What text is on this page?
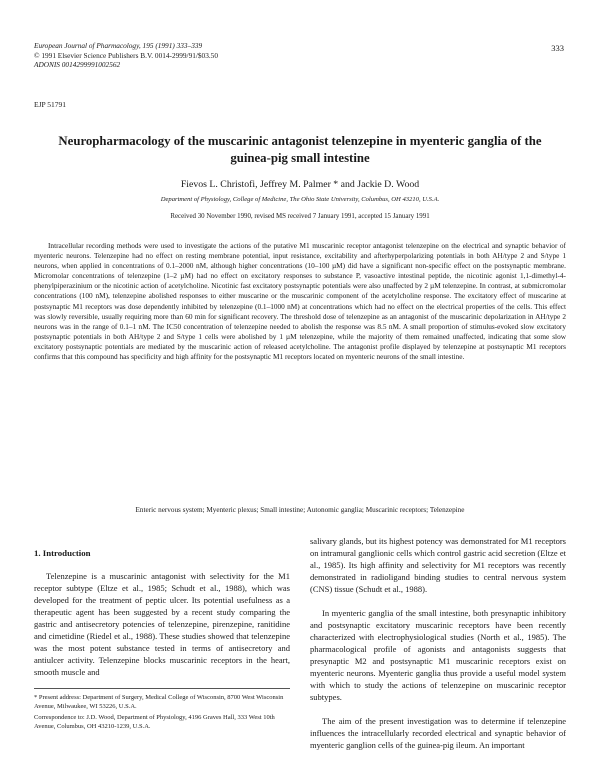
European Journal of Pharmacology, 195 (1991) 333–339
© 1991 Elsevier Science Publishers B.V. 0014-2999/91/$03.50
ADONIS 0014299991002562
333
EJP 51791
Neuropharmacology of the muscarinic antagonist telenzepine in myenteric ganglia of the guinea-pig small intestine
Fievos L. Christofi, Jeffrey M. Palmer * and Jackie D. Wood
Department of Physiology, College of Medicine, The Ohio State University, Columbus, OH 43210, U.S.A.
Received 30 November 1990, revised MS received 7 January 1991, accepted 15 January 1991

Intracellular recording methods were used to investigate the actions of the putative M1 muscarinic receptor antagonist telenzepine on the electrical and synaptic behavior of myenteric neurons. Telenzepine had no effect on resting membrane potential, input resistance, excitability and afterhyperpolarizing potentials in both AH/type 2 and S/type 1 neurons, when applied in concentrations of 0.1–2000 nM, although higher concentrations (10–100 µM) did have a significant non-specific effect on the postsynaptic membrane. Micromolar concentrations of telenzepine (1–2 µM) had no effect on excitatory responses to substance P, vasoactive intestinal peptide, the nicotinic agonist 1,1-dimethyl-4-phenylpiperazinium or the nicotinic action of acetylcholine. Nicotinic fast excitatory postsynaptic potentials were also unaffected by 2 µM telenzepine. In contrast, at submicromolar concentrations (100 nM), telenzepine abolished responses to either muscarine or the muscarinic component of the acetylcholine response. The excitatory effect of muscarine at postsynaptic M1 receptors was dose dependently inhibited by telenzepine (0.1–1000 nM) at concentrations which had no effect on the electrical properties of the cells. This effect was slowly reversible, usually requiring more than 60 min for significant recovery. The threshold dose of telenzepine as an antagonist of the muscarinic depolarization in AH/type 2 neurons was in the range of 0.1–1 nM. The IC50 concentration of telenzepine needed to abolish the response was 8.5 nM. A small proportion of stimulus-evoked slow excitatory postsynaptic potentials in both AH/type 2 and S/type 1 cells were abolished by 1 µM telenzepine, while the majority of them remained unaffected, indicating that some slow excitatory postsynaptic potentials are mediated by the muscarinic action of released acetylcholine. The antagonist profile displayed by telenzepine at postsynaptic M1 receptors confirms that this compound has specificity and high affinity for the postsynaptic M1 receptors located on myenteric neurons of the small intestine.

Enteric nervous system; Myenteric plexus; Small intestine; Autonomic ganglia; Muscarinic receptors; Telenzepine

1. Introduction

Telenzepine is a muscarinic antagonist with selectivity for the M1 receptor subtype (Eltze et al., 1985; Schudt et al., 1988), which was developed for the treatment of peptic ulcer. Its potential usefulness as a therapeutic agent has been suggested by a recent study comparing the gastric and antisecretory potencies of telenzepine, pirenzepine, ranitidine and cimetidine (Riedel et al., 1988). These studies showed that telenzepine was the most potent substance tested in terms of antisecretory and antiulcer activity. Telenzepine blocks muscarinic receptors in the heart, smooth muscle and

salivary glands, but its highest potency was demonstrated for M1 receptors on intramural ganglionic cells which control gastric acid secretion (Eltze et al., 1985). Its high affinity and selectivity for M1 receptors was recently demonstrated in radioligand binding studies to central nervous system (CNS) tissue (Schudt et al., 1988).

In myenteric ganglia of the small intestine, both presynaptic inhibitory and postsynaptic excitatory muscarinic receptors have been recently characterized with electrophysiological studies (North et al., 1985). The pharmacological profile of agonists and antagonists suggests that presynaptic M2 and postsynaptic M1 muscarinic receptors exist on myenteric neurons. Myenteric ganglia thus provide a useful model system with which to study the actions of telenzepine on muscarinic receptor subtypes.

The aim of the present investigation was to determine if telenzepine influences the intracellularly recorded electrical and synaptic behavior of myenteric ganglion cells of the guinea-pig ileum. An important

* Present address: Department of Surgery, Medical College of Wisconsin, 8700 West Wisconsin Avenue, Milwaukee, WI 53226, U.S.A.

Correspondence to: J.D. Wood, Department of Physiology, 4196 Graves Hall, 333 West 10th Avenue, Columbus, OH 43210-1239, U.S.A.
